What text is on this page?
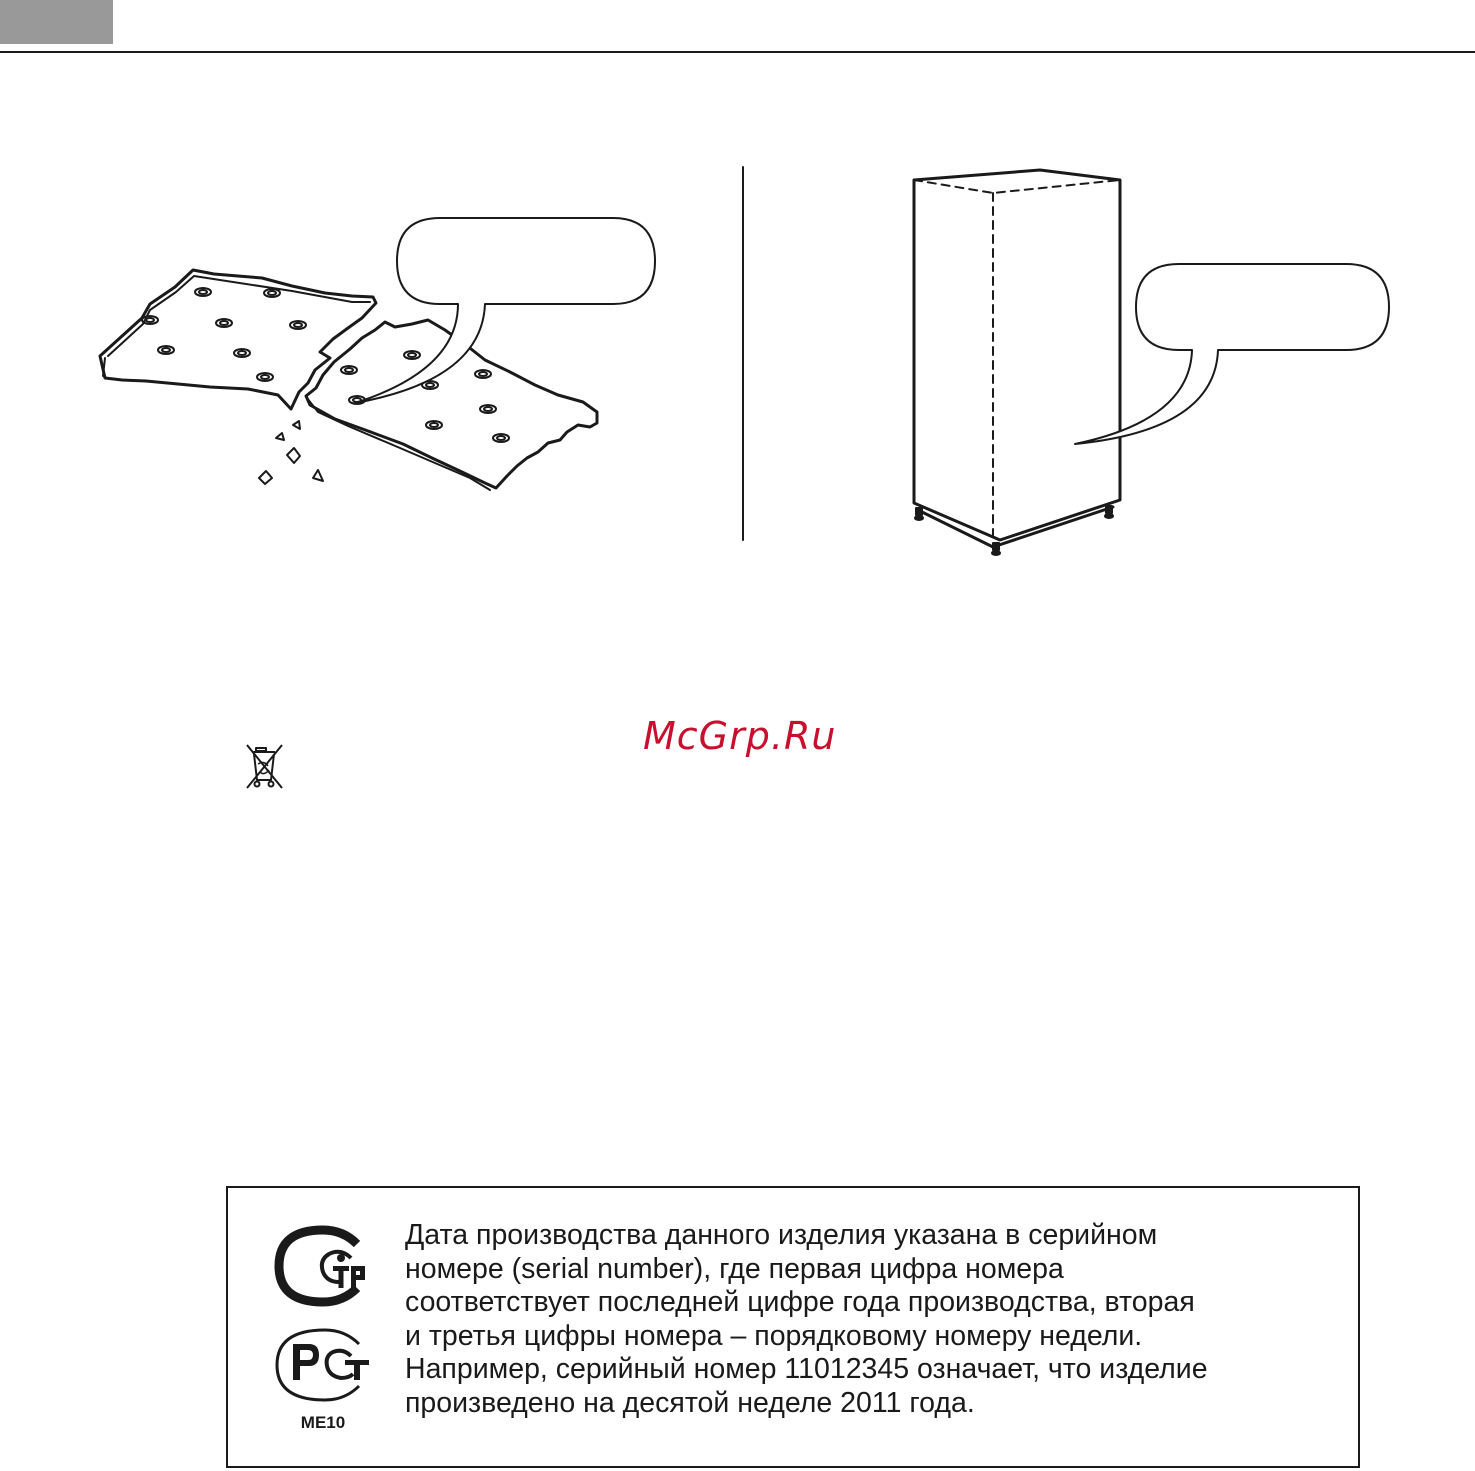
McGrp.Ru
ME10

Дата производства данного изделия указана в серийном
номере (serial number), где первая цифра номера
соответствует последней цифре года производства, вторая
и третья цифры номера – порядковому номеру недели.
Например, серийный номер 11012345 означает, что изделие
произведено на десятой неделе 2011 года.
